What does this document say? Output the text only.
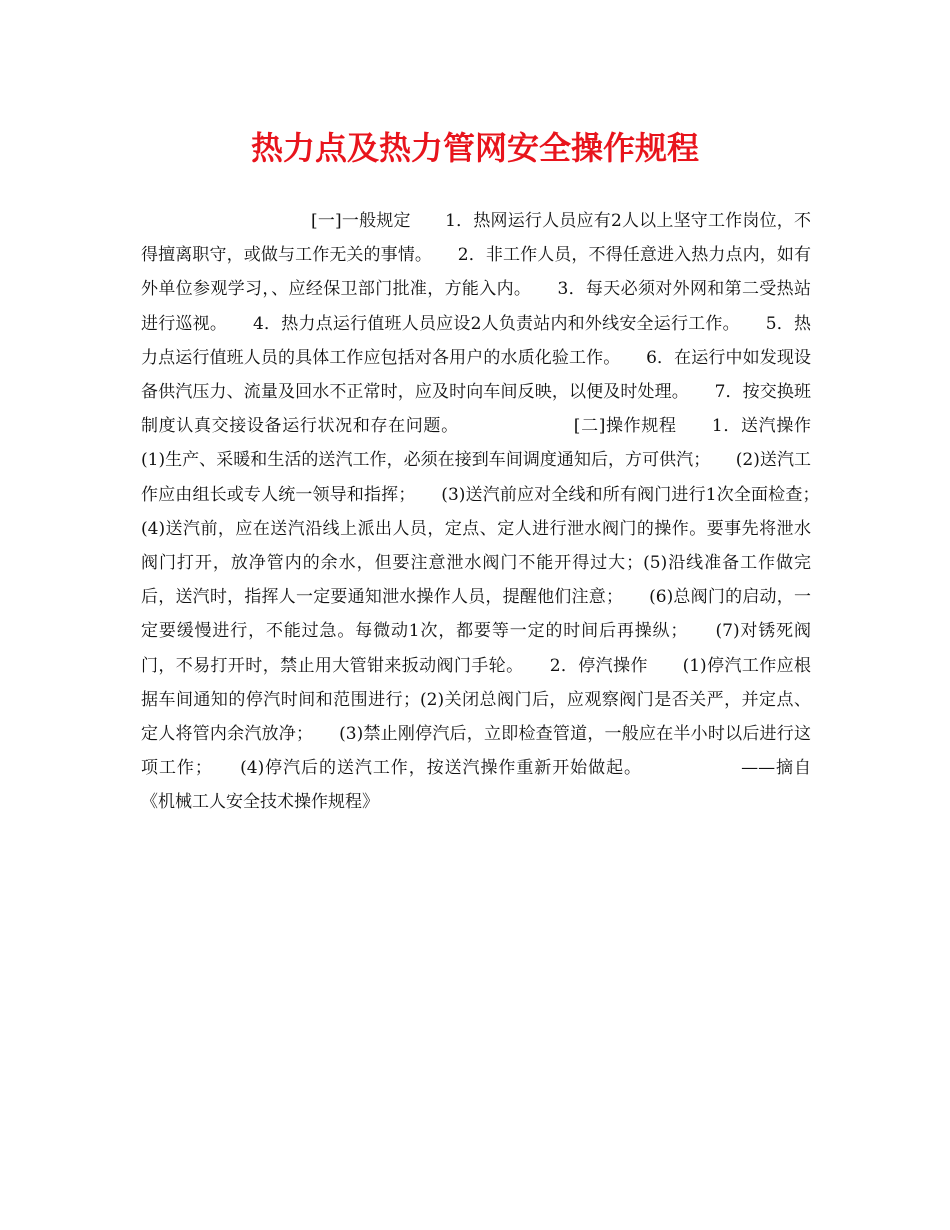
热力点及热力管网安全操作规程

[一]一般规定　　1．热网运行人员应有2人以上坚守工作岗位，不得擅离职守，或做与工作无关的事情。　　2．非工作人员，不得任意进入热力点内，如有外单位参观学习，、应经保卫部门批准，方能入内。　　3．每天必须对外网和第二受热站进行巡视。　　4．热力点运行值班人员应设2人负责站内和外线安全运行工作。　　5．热力点运行值班人员的具体工作应包括对各用户的水质化验工作。　　6．在运行中如发现设备供汽压力、流量及回水不正常时，应及时向车间反映，以便及时处理。　　7．按交换班制度认真交接设备运行状况和存在问题。　　　　　　　[二]操作规程　　1．送汽操作　　(1)生产、采暖和生活的送汽工作，必须在接到车间调度通知后，方可供汽；　　(2)送汽工作应由组长或专人统一领导和指挥；　　(3)送汽前应对全线和所有阀门进行1次全面检查；　　(4)送汽前，应在送汽沿线上派出人员，定点、定人进行泄水阀门的操作。要事先将泄水阀门打开，放净管内的余水，但要注意泄水阀门不能开得过大；(5)沿线准备工作做完后，送汽时，指挥人一定要通知泄水操作人员，提醒他们注意；　　(6)总阀门的启动，一定要缓慢进行，不能过急。每微动1次，都要等一定的时间后再操纵；　　(7)对锈死阀门，不易打开时，禁止用大管钳来扳动阀门手轮。　　2．停汽操作　　(1)停汽工作应根据车间通知的停汽时间和范围进行；(2)关闭总阀门后，应观察阀门是否关严，并定点、定人将管内余汽放净；　　(3)禁止刚停汽后，立即检查管道，一般应在半小时以后进行这项工作；　　(4)停汽后的送汽工作，按送汽操作重新开始做起。　　　　　　——摘自《机械工人安全技术操作规程》
